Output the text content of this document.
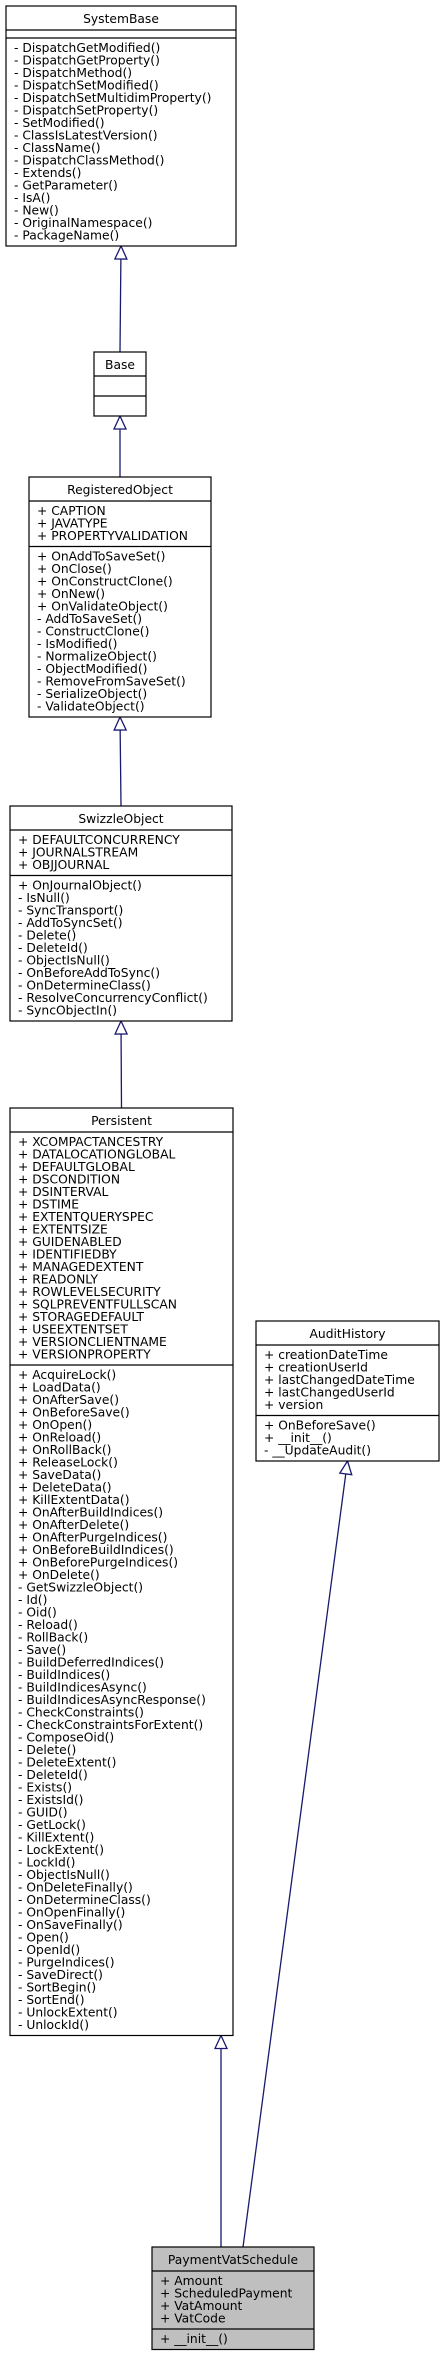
SystemBase
- DispatchGetModified()
- DispatchGetProperty()
- DispatchMethod()
- DispatchSetModified()
- DispatchSetMultidimProperty()
- DispatchSetProperty()
- SetModified()
- ClassIsLatestVersion()
- ClassName()
- DispatchClassMethod()
- Extends()
- GetParameter()
- IsA()
- New()
- OriginalNamespace()
- PackageName()
Base
RegisteredObject
+ CAPTION
+ JAVATYPE
+ PROPERTYVALIDATION
+ OnAddToSaveSet()
+ OnClose()
+ OnConstructClone()
+ OnNew()
+ OnValidateObject()
- AddToSaveSet()
- ConstructClone()
- IsModified()
- NormalizeObject()
- ObjectModified()
- RemoveFromSaveSet()
- SerializeObject()
- ValidateObject()
SwizzleObject
+ DEFAULTCONCURRENCY
+ JOURNALSTREAM
+ OBJJOURNAL
+ OnJournalObject()
- IsNull()
- SyncTransport()
- AddToSyncSet()
- Delete()
- DeleteId()
- ObjectIsNull()
- OnBeforeAddToSync()
- OnDetermineClass()
- ResolveConcurrencyConflict()
- SyncObjectIn()
Persistent
+ XCOMPACTANCESTRY
+ DATALOCATIONGLOBAL
+ DEFAULTGLOBAL
+ DSCONDITION
+ DSINTERVAL
+ DSTIME
+ EXTENTQUERYSPEC
+ EXTENTSIZE
+ GUIDENABLED
+ IDENTIFIEDBY
+ MANAGEDEXTENT
+ READONLY
+ ROWLEVELSECURITY
+ SQLPREVENTFULLSCAN
+ STORAGEDEFAULT
+ USEEXTENTSET
+ VERSIONCLIENTNAME
+ VERSIONPROPERTY
+ AcquireLock()
+ LoadData()
+ OnAfterSave()
+ OnBeforeSave()
+ OnOpen()
+ OnReload()
+ OnRollBack()
+ ReleaseLock()
+ SaveData()
+ DeleteData()
+ KillExtentData()
+ OnAfterBuildIndices()
+ OnAfterDelete()
+ OnAfterPurgeIndices()
+ OnBeforeBuildIndices()
+ OnBeforePurgeIndices()
+ OnDelete()
- GetSwizzleObject()
- Id()
- Oid()
- Reload()
- RollBack()
- Save()
- BuildDeferredIndices()
- BuildIndices()
- BuildIndicesAsync()
- BuildIndicesAsyncResponse()
- CheckConstraints()
- CheckConstraintsForExtent()
- ComposeOid()
- Delete()
- DeleteExtent()
- DeleteId()
- Exists()
- ExistsId()
- GUID()
- GetLock()
- KillExtent()
- LockExtent()
- LockId()
- ObjectIsNull()
- OnDeleteFinally()
- OnDetermineClass()
- OnOpenFinally()
- OnSaveFinally()
- Open()
- OpenId()
- PurgeIndices()
- SaveDirect()
- SortBegin()
- SortEnd()
- UnlockExtent()
- UnlockId()
AuditHistory
+ creationDateTime
+ creationUserId
+ lastChangedDateTime
+ lastChangedUserId
+ version
+ OnBeforeSave()
+ __init__()
- __UpdateAudit()
PaymentVatSchedule
+ Amount
+ ScheduledPayment
+ VatAmount
+ VatCode
+ __init__()
